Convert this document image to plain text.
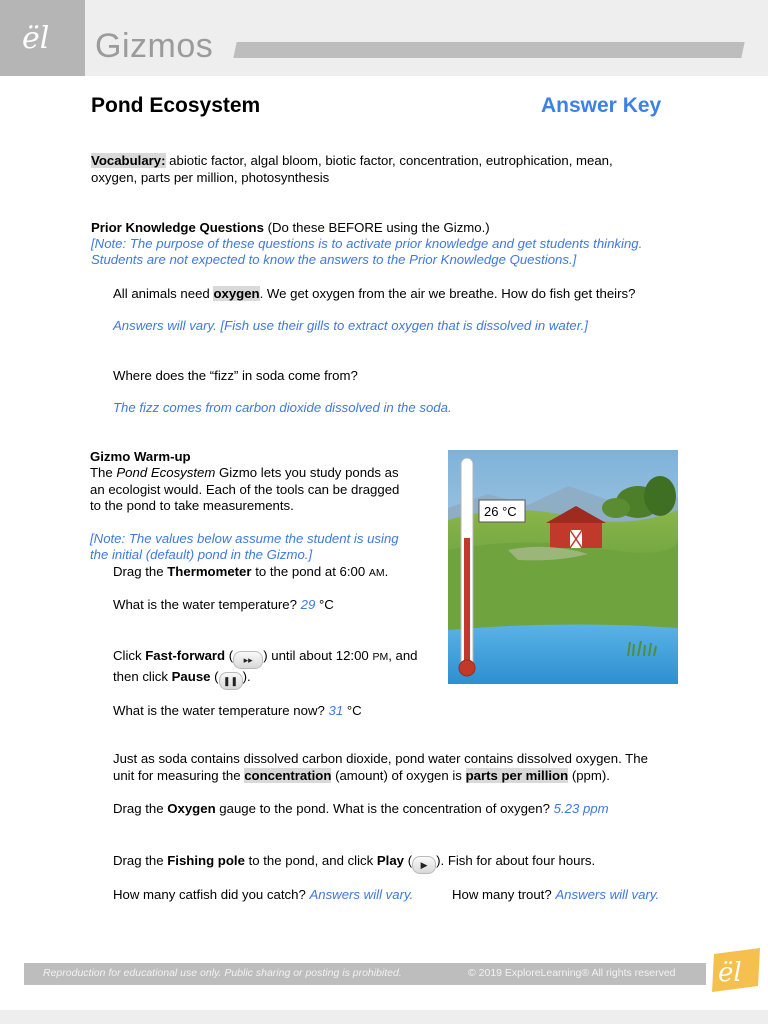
ël Gizmos
Pond Ecosystem	Answer Key
Vocabulary: abiotic factor, algal bloom, biotic factor, concentration, eutrophication, mean,
oxygen, parts per million, photosynthesis
Prior Knowledge Questions (Do these BEFORE using the Gizmo.)
[Note: The purpose of these questions is to activate prior knowledge and get students thinking.
Students are not expected to know the answers to the Prior Knowledge Questions.]
All animals need oxygen. We get oxygen from the air we breathe. How do fish get theirs?
Answers will vary. [Fish use their gills to extract oxygen that is dissolved in water.]
Where does the “fizz” in soda come from?
The fizz comes from carbon dioxide dissolved in the soda.
Gizmo Warm-up
The Pond Ecosystem Gizmo lets you study ponds as
an ecologist would. Each of the tools can be dragged
to the pond to take measurements.
[Note: The values below assume the student is using
the initial (default) pond in the Gizmo.]
Drag the Thermometer to the pond at 6:00 AM.
What is the water temperature? 29 °C
Click Fast-forward ( ▸▸ ) until about 12:00 PM, and
then click Pause ( ❚❚ ).
What is the water temperature now? 31 °C
Just as soda contains dissolved carbon dioxide, pond water contains dissolved oxygen. The
unit for measuring the concentration (amount) of oxygen is parts per million (ppm).
Drag the Oxygen gauge to the pond. What is the concentration of oxygen? 5.23 ppm
Drag the Fishing pole to the pond, and click Play ( ▶ ). Fish for about four hours.
How many catfish did you catch? Answers will vary.	How many trout? Answers will vary.
26 °C
Reproduction for educational use only. Public sharing or posting is prohibited.	© 2019 ExploreLearning® All rights reserved ël
